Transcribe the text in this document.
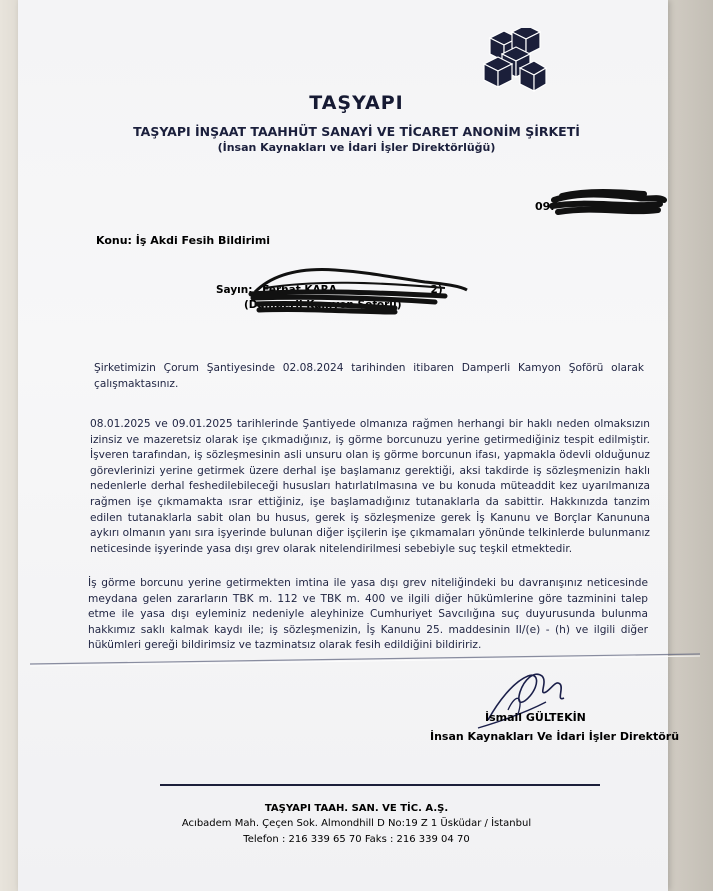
TAŞYAPI
TAŞYAPI İNŞAAT TAAHHÜT SANAYİ VE TİCARET ANONİM ŞİRKETİ
(İnsan Kaynakları ve İdari İşler Direktörlüğü)
09.
Konu: İş Akdi Fesih Bildirimi
Sayın: Ferhat KARA	2)
(Damperli Kamyon Şoförü)
Şirketimizin Çorum Şantiyesinde 02.08.2024 tarihinden itibaren Damperli Kamyon Şoförü olarak çalışmaktasınız.
08.01.2025 ve 09.01.2025 tarihlerinde Şantiyede olmanıza rağmen herhangi bir haklı neden olmaksızın izinsiz ve mazeretsiz olarak işe çıkmadığınız, iş görme borcunuzu yerine getirmediğiniz tespit edilmiştir. İşveren tarafından, iş sözleşmesinin asli unsuru olan iş görme borcunun ifası, yapmakla ödevli olduğunuz görevlerinizi yerine getirmek üzere derhal işe başlamanız gerektiği, aksi takdirde iş sözleşmenizin haklı nedenlerle derhal feshedilebileceği hususları hatırlatılmasına ve bu konuda müteaddit kez uyarılmanıza rağmen işe çıkmamakta ısrar ettiğiniz, işe başlamadığınız tutanaklarla da sabittir. Hakkınızda tanzim edilen tutanaklarla sabit olan bu husus, gerek iş sözleşmenize gerek İş Kanunu ve Borçlar Kanununa aykırı olmanın yanı sıra işyerinde bulunan diğer işçilerin işe çıkmamaları yönünde telkinlerde bulunmanız neticesinde işyerinde yasa dışı grev olarak nitelendirilmesi sebebiyle suç teşkil etmektedir.
İş görme borcunu yerine getirmekten imtina ile yasa dışı grev niteliğindeki bu davranışınız neticesinde meydana gelen zararların TBK m. 112 ve TBK m. 400 ve ilgili diğer hükümlerine göre tazminini talep etme ile yasa dışı eyleminiz nedeniyle aleyhinize Cumhuriyet Savcılığına suç duyurusunda bulunma hakkımız saklı kalmak kaydı ile; iş sözleşmenizin, İş Kanunu 25. maddesinin II/(e) - (h) ve ilgili diğer hükümleri gereği bildirimsiz ve tazminatsız olarak fesih edildiğini bildiririz.
İsmail GÜLTEKİN
İnsan Kaynakları Ve İdari İşler Direktörü
TAŞYAPI TAAH. SAN. VE TİC. A.Ş.
Acıbadem Mah. Çeçen Sok. Almondhill D No:19 Z 1 Üsküdar / İstanbul
Telefon : 216 339 65 70 Faks : 216 339 04 70
